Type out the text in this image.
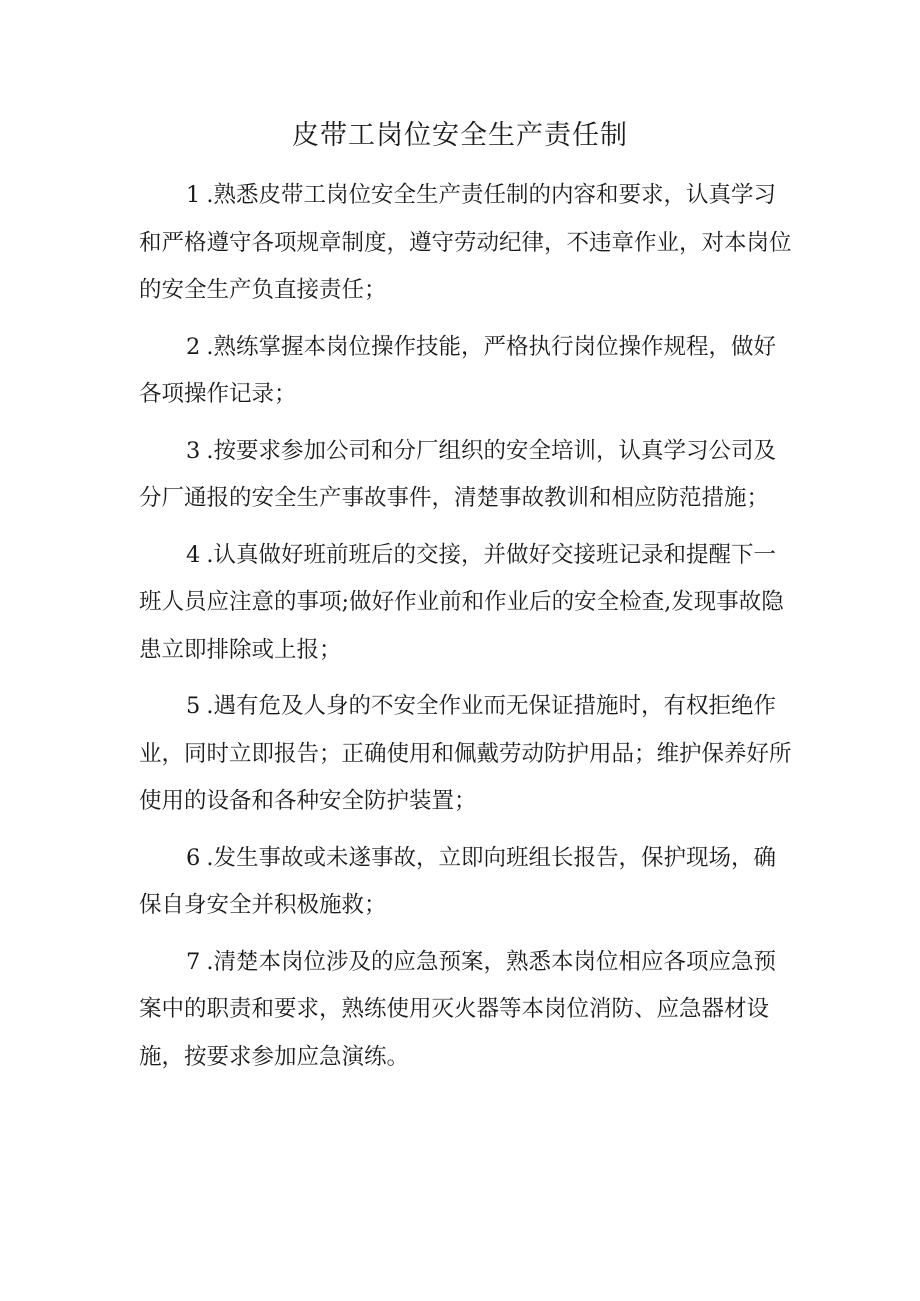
皮带工岗位安全生产责任制

1 .熟悉皮带工岗位安全生产责任制的内容和要求，认真学习和严格遵守各项规章制度，遵守劳动纪律，不违章作业，对本岗位的安全生产负直接责任；

2 .熟练掌握本岗位操作技能，严格执行岗位操作规程，做好各项操作记录；

3 .按要求参加公司和分厂组织的安全培训，认真学习公司及分厂通报的安全生产事故事件，清楚事故教训和相应防范措施；

4 .认真做好班前班后的交接，并做好交接班记录和提醒下一班人员应注意的事项;做好作业前和作业后的安全检查,发现事故隐患立即排除或上报；

5 .遇有危及人身的不安全作业而无保证措施时，有权拒绝作业，同时立即报告；正确使用和佩戴劳动防护用品；维护保养好所使用的设备和各种安全防护装置；

6 .发生事故或未遂事故，立即向班组长报告，保护现场，确保自身安全并积极施救；

7 .清楚本岗位涉及的应急预案，熟悉本岗位相应各项应急预案中的职责和要求，熟练使用灭火器等本岗位消防、应急器材设施，按要求参加应急演练。
